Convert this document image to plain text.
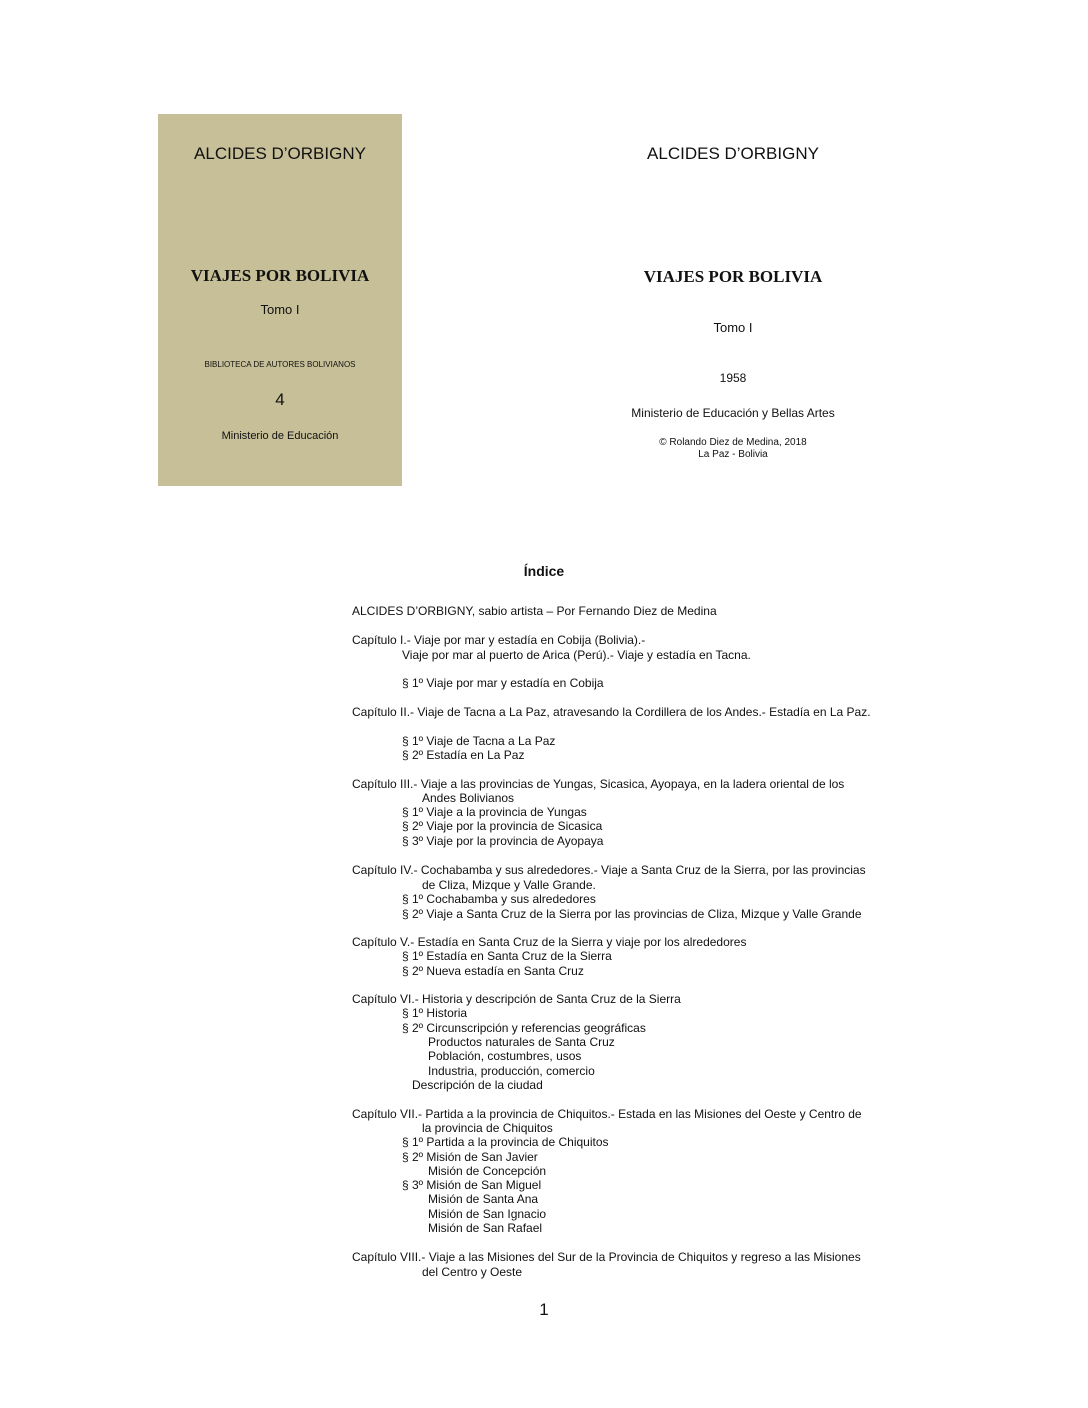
ALCIDES D’ORBIGNY
VIAJES POR BOLIVIA
Tomo I
BIBLIOTECA DE AUTORES BOLIVIANOS
4
Ministerio de Educación
ALCIDES D’ORBIGNY
VIAJES POR BOLIVIA
Tomo I
1958
Ministerio de Educación y Bellas Artes
© Rolando Diez de Medina, 2018
La Paz - Bolivia
Índice
ALCIDES D’ORBIGNY, sabio artista – Por Fernando Diez de Medina
Capítulo I.- Viaje por mar y estadía en Cobija (Bolivia).-
Viaje por mar al puerto de Arica (Perú).- Viaje y estadía en Tacna.
§ 1º Viaje por mar y estadía en Cobija
Capítulo II.- Viaje de Tacna a La Paz, atravesando la Cordillera de los Andes.- Estadía en La Paz.
§ 1º Viaje de Tacna a La Paz
§ 2º Estadía en La Paz
Capítulo III.- Viaje a las provincias de Yungas, Sicasica, Ayopaya, en la ladera oriental de los
Andes Bolivianos
§ 1º Viaje a la provincia de Yungas
§ 2º Viaje por la provincia de Sicasica
§ 3º Viaje por la provincia de Ayopaya
Capítulo IV.- Cochabamba y sus alrededores.- Viaje a Santa Cruz de la Sierra, por las provincias
de Cliza, Mizque y Valle Grande.
§ 1º Cochabamba y sus alrededores
§ 2º Viaje a Santa Cruz de la Sierra por las provincias de Cliza, Mizque y Valle Grande
Capítulo V.- Estadía en Santa Cruz de la Sierra y viaje por los alrededores
§ 1º Estadía en Santa Cruz de la Sierra
§ 2º Nueva estadía en Santa Cruz
Capítulo VI.- Historia y descripción de Santa Cruz de la Sierra
§ 1º Historia
§ 2º Circunscripción y referencias geográficas
Productos naturales de Santa Cruz
Población, costumbres, usos
Industria, producción, comercio
Descripción de la ciudad
Capítulo VII.- Partida a la provincia de Chiquitos.- Estada en las Misiones del Oeste y Centro de
la provincia de Chiquitos
§ 1º Partida a la provincia de Chiquitos
§ 2º Misión de San Javier
Misión de Concepción
§ 3º Misión de San Miguel
Misión de Santa Ana
Misión de San Ignacio
Misión de San Rafael
Capítulo VIII.- Viaje a las Misiones del Sur de la Provincia de Chiquitos y regreso a las Misiones
del Centro y Oeste
1
